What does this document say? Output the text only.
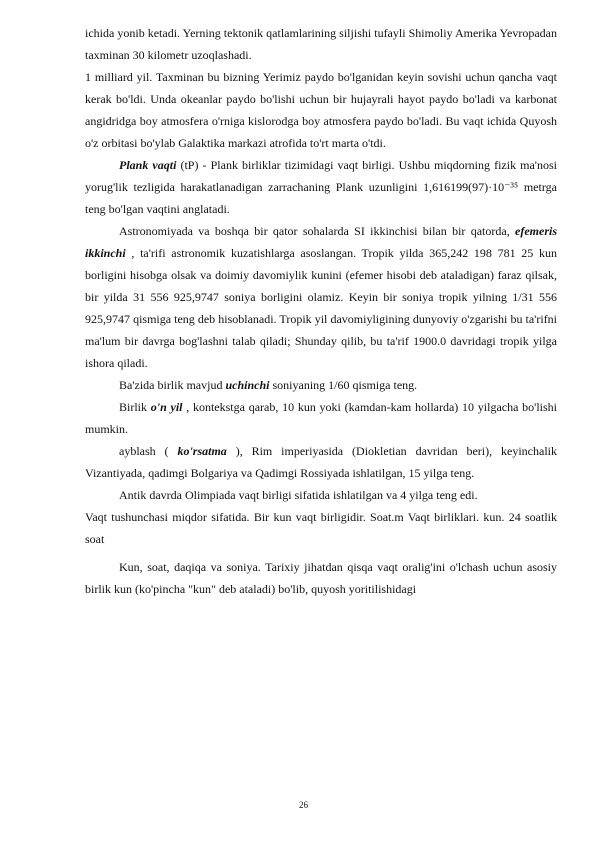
ichida yonib ketadi. Yerning tektonik qatlamlarining siljishi tufayli Shimoliy Amerika Yevropadan taxminan 30 kilometr uzoqlashadi.

1 milliard yil. Taxminan bu bizning Yerimiz paydo bo'lganidan keyin sovishi uchun qancha vaqt kerak bo'ldi. Unda okeanlar paydo bo'lishi uchun bir hujayrali hayot paydo bo'ladi va karbonat angidridga boy atmosfera o'rniga kislorodga boy atmosfera paydo bo'ladi. Bu vaqt ichida Quyosh o'z orbitasi bo'ylab Galaktika markazi atrofida to'rt marta o'tdi.

Plank vaqti (tP) - Plank birliklar tizimidagi vaqt birligi. Ushbu miqdorning fizik ma'nosi yorug'lik tezligida harakatlanadigan zarrachaning Plank uzunligini 1,616199(97)·10⁻³⁵ metrga teng bo'lgan vaqtini anglatadi.

Astronomiyada va boshqa bir qator sohalarda SI ikkinchisi bilan bir qatorda, efemeris ikkinchi , ta'rifi astronomik kuzatishlarga asoslangan. Tropik yilda 365,242 198 781 25 kun borligini hisobga olsak va doimiy davomiylik kunini (efemer hisobi deb ataladigan) faraz qilsak, bir yilda 31 556 925,9747 soniya borligini olamiz. Keyin bir soniya tropik yilning 1/31 556 925,9747 qismiga teng deb hisoblanadi. Tropik yil davomiyligining dunyoviy o'zgarishi bu ta'rifni ma'lum bir davrga bog'lashni talab qiladi; Shunday qilib, bu ta'rif 1900.0 davridagi tropik yilga ishora qiladi.

Ba'zida birlik mavjud uchinchi soniyaning 1/60 qismiga teng.

Birlik o'n yil , kontekstga qarab, 10 kun yoki (kamdan-kam hollarda) 10 yilgacha bo'lishi mumkin.

ayblash ( ko'rsatma ), Rim imperiyasida (Diokletian davridan beri), keyinchalik Vizantiyada, qadimgi Bolgariya va Qadimgi Rossiyada ishlatilgan, 15 yilga teng.

Antik davrda Olimpiada vaqt birligi sifatida ishlatilgan va 4 yilga teng edi.

Vaqt tushunchasi miqdor sifatida. Bir kun vaqt birligidir. Soat.m Vaqt birliklari. kun. 24 soatlik soat

Kun, soat, daqiqa va soniya. Tarixiy jihatdan qisqa vaqt oralig'ini o'lchash uchun asosiy birlik kun (ko'pincha "kun" deb ataladi) bo'lib, quyosh yoritilishidagi

26
